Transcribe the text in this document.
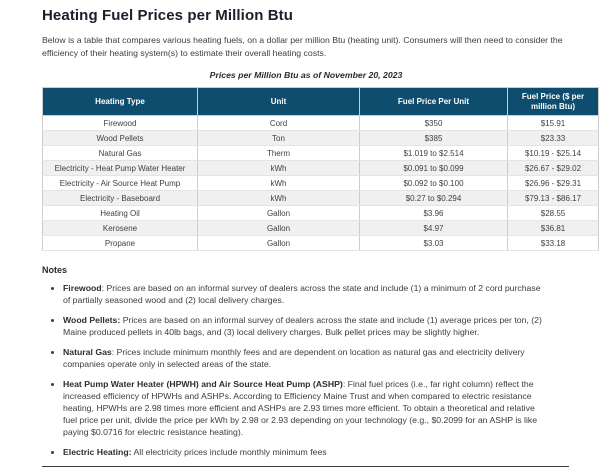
Heating Fuel Prices per Million Btu

Below is a table that compares various heating fuels, on a dollar per million Btu (heating unit). Consumers will then need to consider the efficiency of their heating system(s) to estimate their overall heating costs.

Prices per Million Btu as of November 20, 2023
Heating Type	Unit	Fuel Price Per Unit	Fuel Price ($ per million Btu)
Firewood	Cord	$350	$15.91
Wood Pellets	Ton	$385	$23.33
Natural Gas	Therm	$1.019 to $2.514	$10.19 - $25.14
Electricity - Heat Pump Water Heater	kWh	$0.091 to $0.099	$26.67 - $29.02
Electricity - Air Source Heat Pump	kWh	$0.092 to $0.100	$26.96 - $29.31
Electricity - Baseboard	kWh	$0.27 to $0.294	$79.13 - $86.17
Heating Oil	Gallon	$3.96	$28.55
Kerosene	Gallon	$4.97	$36.81
Propane	Gallon	$3.03	$33.18
Notes
• Firewood: Prices are based on an informal survey of dealers across the state and include (1) a minimum of 2 cord purchase of partially seasoned wood and (2) local delivery charges.
• Wood Pellets: Prices are based on an informal survey of dealers across the state and include (1) average prices per ton, (2) Maine produced pellets in 40lb bags, and (3) local delivery charges. Bulk pellet prices may be slightly higher.
• Natural Gas: Prices include minimum monthly fees and are dependent on location as natural gas and electricity delivery companies operate only in selected areas of the state.
• Heat Pump Water Heater (HPWH) and Air Source Heat Pump (ASHP): Final fuel prices (i.e., far right column) reflect the increased efficiency of HPWHs and ASHPs. According to Efficiency Maine Trust and when compared to electric resistance heating, HPWHs are 2.98 times more efficient and ASHPs are 2.93 times more efficient. To obtain a theoretical and relative fuel price per unit, divide the price per kWh by 2.98 or 2.93 depending on your technology (e.g., $0.2099 for an ASHP is like paying $0.0716 for electric resistance heating).
• Electric Heating: All electricity prices include monthly minimum fees
